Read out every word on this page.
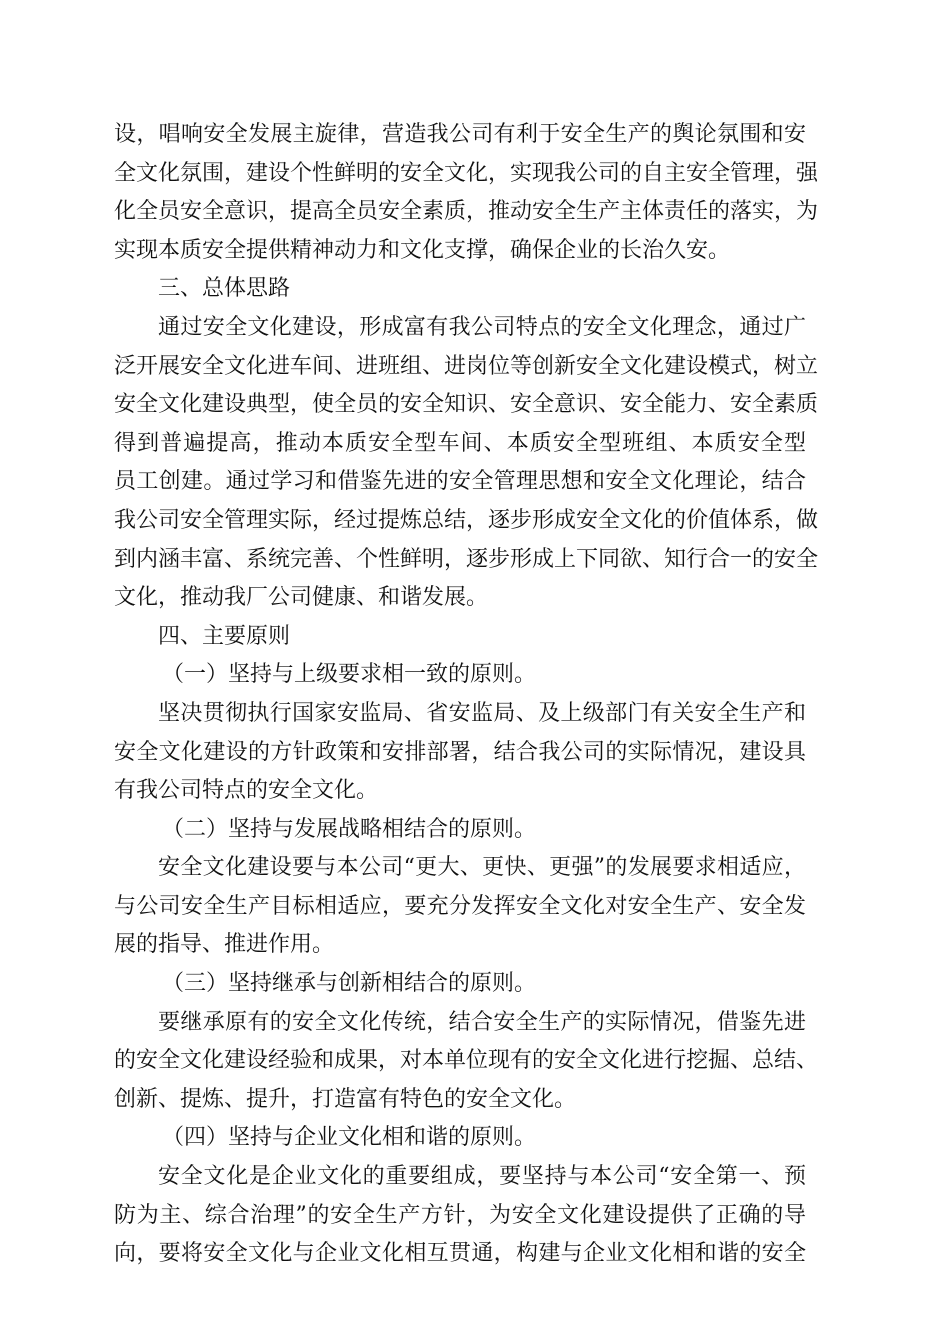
设，唱响安全发展主旋律，营造我公司有利于安全生产的舆论氛围和安
全文化氛围，建设个性鲜明的安全文化，实现我公司的自主安全管理，强
化全员安全意识，提高全员安全素质，推动安全生产主体责任的落实，为
实现本质安全提供精神动力和文化支撑，确保企业的长治久安。
三、总体思路
通过安全文化建设，形成富有我公司特点的安全文化理念，通过广
泛开展安全文化进车间、进班组、进岗位等创新安全文化建设模式，树立
安全文化建设典型，使全员的安全知识、安全意识、安全能力、安全素质
得到普遍提高，推动本质安全型车间、本质安全型班组、本质安全型
员工创建。通过学习和借鉴先进的安全管理思想和安全文化理论，结合
我公司安全管理实际，经过提炼总结，逐步形成安全文化的价值体系，做
到内涵丰富、系统完善、个性鲜明，逐步形成上下同欲、知行合一的安全
文化，推动我厂公司健康、和谐发展。
四、主要原则
（一）坚持与上级要求相一致的原则。
坚决贯彻执行国家安监局、省安监局、及上级部门有关安全生产和
安全文化建设的方针政策和安排部署，结合我公司的实际情况，建设具
有我公司特点的安全文化。
（二）坚持与发展战略相结合的原则。
安全文化建设要与本公司“更大、更快、更强”的发展要求相适应，
与公司安全生产目标相适应，要充分发挥安全文化对安全生产、安全发
展的指导、推进作用。
（三）坚持继承与创新相结合的原则。
要继承原有的安全文化传统，结合安全生产的实际情况，借鉴先进
的安全文化建设经验和成果，对本单位现有的安全文化进行挖掘、总结、
创新、提炼、提升，打造富有特色的安全文化。
（四）坚持与企业文化相和谐的原则。
安全文化是企业文化的重要组成，要坚持与本公司“安全第一、预
防为主、综合治理”的安全生产方针，为安全文化建设提供了正确的导
向，要将安全文化与企业文化相互贯通，构建与企业文化相和谐的安全
